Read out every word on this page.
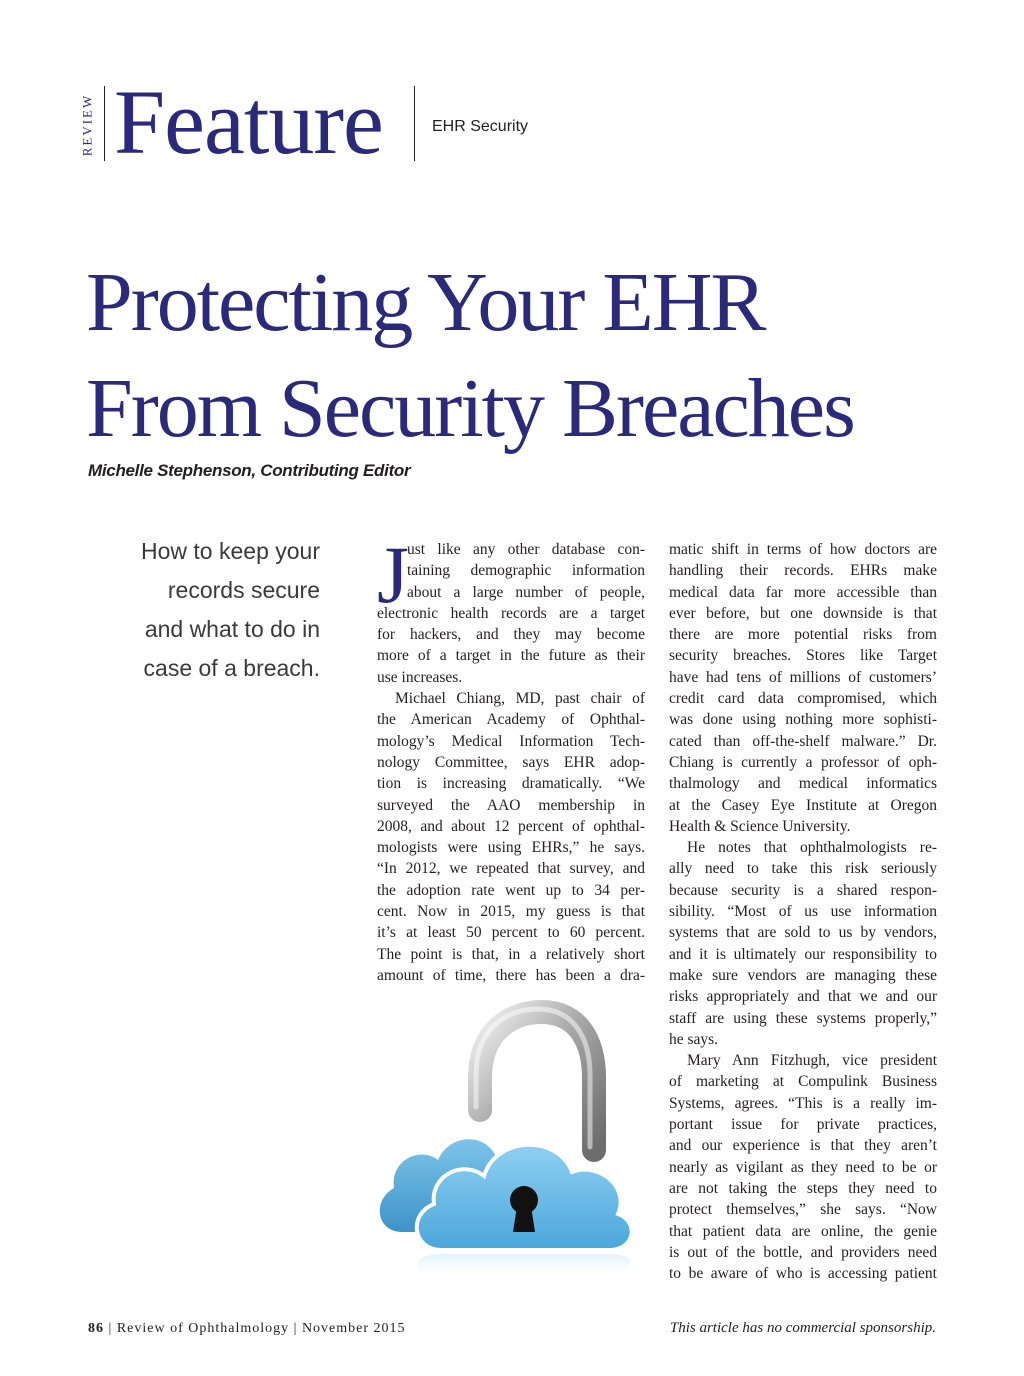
REVIEW Feature	EHR Security
Protecting Your EHR
From Security Breaches
Michelle Stephenson, Contributing Editor
How to keep your
records secure
and what to do in
case of a breach.
J
ust like any other database con-
taining demographic information
about a large number of people,
electronic health records are a target
for hackers, and they may become
more of a target in the future as their
use increases.
Michael Chiang, MD, past chair of
the American Academy of Ophthal-
mology’s Medical Information Tech-
nology Committee, says EHR adop-
tion is increasing dramatically. “We
surveyed the AAO membership in
2008, and about 12 percent of ophthal-
mologists were using EHRs,” he says.
“In 2012, we repeated that survey, and
the adoption rate went up to 34 per-
cent. Now in 2015, my guess is that
it’s at least 50 percent to 60 percent.
The point is that, in a relatively short
amount of time, there has been a dra-
matic shift in terms of how doctors are
handling their records. EHRs make
medical data far more accessible than
ever before, but one downside is that
there are more potential risks from
security breaches. Stores like Target
have had tens of millions of customers’
credit card data compromised, which
was done using nothing more sophisti-
cated than off-the-shelf malware.” Dr.
Chiang is currently a professor of oph-
thalmology and medical informatics
at the Casey Eye Institute at Oregon
Health & Science University.
He notes that ophthalmologists re-
ally need to take this risk seriously
because security is a shared respon-
sibility. “Most of us use information
systems that are sold to us by vendors,
and it is ultimately our responsibility to
make sure vendors are managing these
risks appropriately and that we and our
staff are using these systems properly,”
he says.
Mary Ann Fitzhugh, vice president
of marketing at Compulink Business
Systems, agrees. “This is a really im-
portant issue for private practices,
and our experience is that they aren’t
nearly as vigilant as they need to be or
are not taking the steps they need to
protect themselves,” she says. “Now
that patient data are online, the genie
is out of the bottle, and providers need
to be aware of who is accessing patient
86 | Review of Ophthalmology | November 2015	This article has no commercial sponsorship.
